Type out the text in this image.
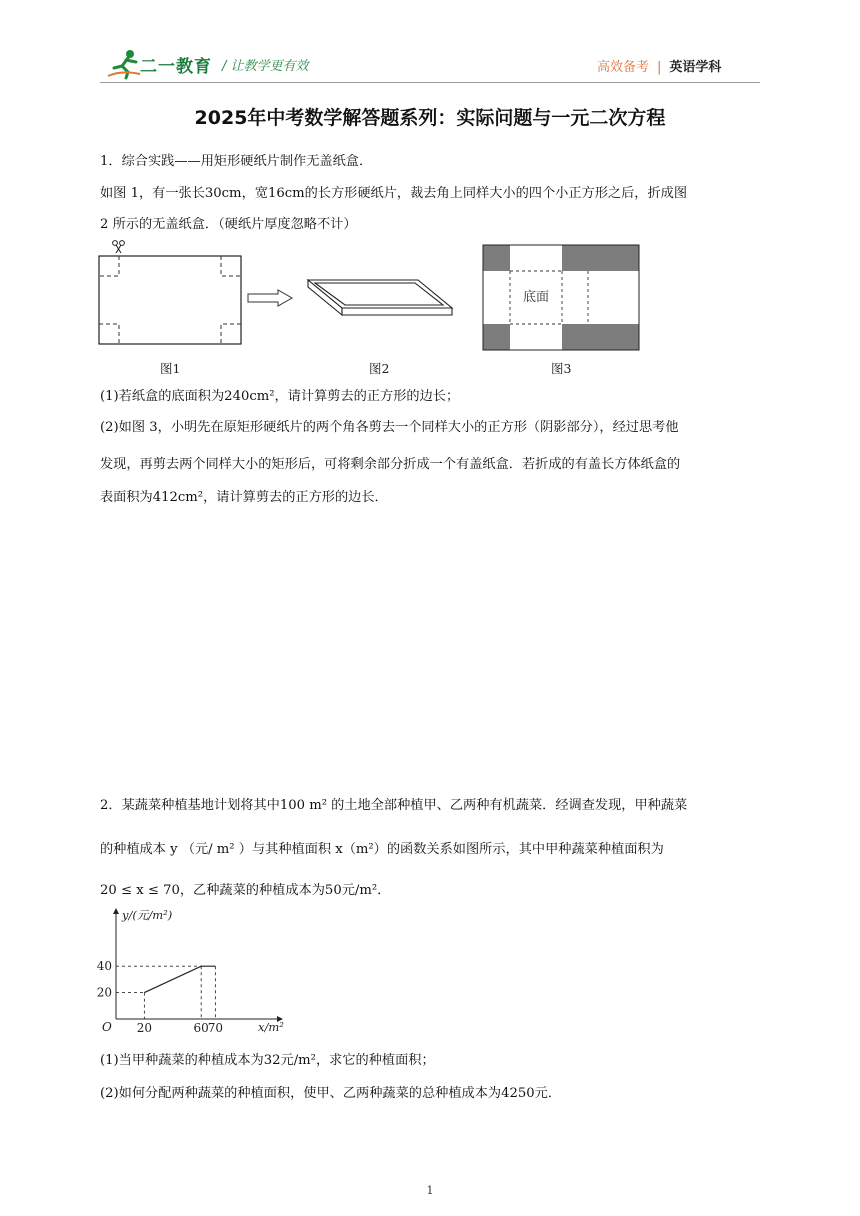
二一教育 / 让教学更有效	高效备考 | 英语学科
2025年中考数学解答题系列：实际问题与一元二次方程
1．综合实践——用矩形硬纸片制作无盖纸盒．
如图 1，有一张长30cm，宽16cm的长方形硬纸片，裁去角上同样大小的四个小正方形之后，折成图
2 所示的无盖纸盒．（硬纸片厚度忽略不计）
图1	图2
底面
图3
(1)若纸盒的底面积为240cm²，请计算剪去的正方形的边长；
(2)如图 3，小明先在原矩形硬纸片的两个角各剪去一个同样大小的正方形（阴影部分），经过思考他
发现，再剪去两个同样大小的矩形后，可将剩余部分折成一个有盖纸盒．若折成的有盖长方体纸盒的
表面积为412cm²，请计算剪去的正方形的边长．
2．某蔬菜种植基地计划将其中100 m² 的土地全部种植甲、乙两种有机蔬菜．经调查发现，甲种蔬菜
的种植成本 y （元/ m² ）与其种植面积 x（m²）的函数关系如图所示，其中甲种蔬菜种植面积为
20 ≤ x ≤ 70，乙种蔬菜的种植成本为50元/m²．
20	60
70
20
40
y/(元/m²)
x/m²
O
(1)当甲种蔬菜的种植成本为32元/m²，求它的种植面积；
(2)如何分配两种蔬菜的种植面积，使甲、乙两种蔬菜的总种植成本为4250元．
1
